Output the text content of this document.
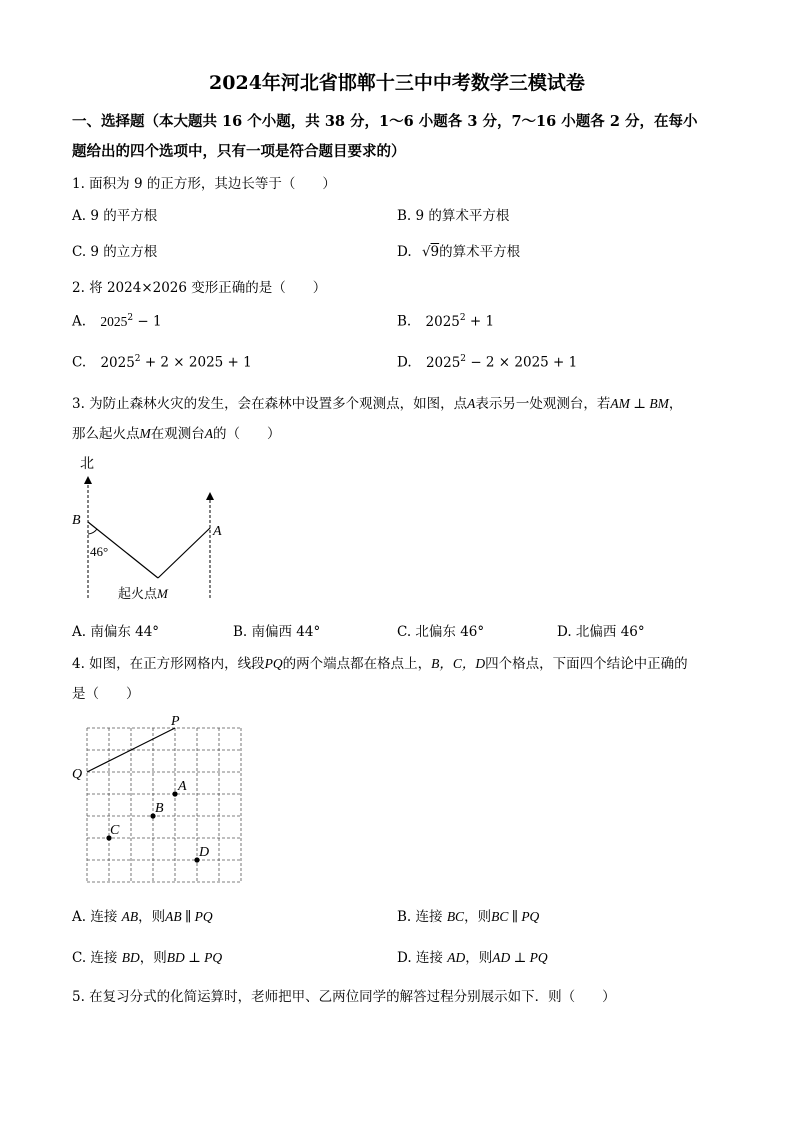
2024年河北省邯郸十三中中考数学三模试卷
一、选择题（本大题共 16 个小题，共 38 分，1～6 小题各 3 分，7～16 小题各 2 分，在每小
题给出的四个选项中，只有一项是符合题目要求的）
1. 面积为 9 的正方形，其边长等于（　　）
A. 9 的平方根	B. 9 的算术平方根
C. 9 的立方根	D. √9的算术平方根
2. 将 2024×2026 变形正确的是（　　）
A. $2025^2 - 1$	B. $2025^2 + 1$
C. $2025^2 + 2 \times 2025 + 1$	D. $2025^2 - 2 \times 2025 + 1$
3. 为防止森林火灾的发生，会在森林中设置多个观测点，如图，点A表示另一处观测台，若AM ⊥ BM，
那么起火点M在观测台A的（　　）
北
B
A
46°
起火点M
A. 南偏东 44°	B. 南偏西 44°	C. 北偏东 46°	D. 北偏西 46°
4. 如图，在正方形网格内，线段PQ的两个端点都在格点上，B，C，D四个格点，下面四个结论中正确的
是（　　）
P
Q
A
B
C
D
A. 连接 AB，则AB ∥ PQ	B. 连接 BC，则BC ∥ PQ
C. 连接 BD，则BD ⊥ PQ	D. 连接 AD，则AD ⊥ PQ
5. 在复习分式的化简运算时，老师把甲、乙两位同学的解答过程分别展示如下．则（　　）
